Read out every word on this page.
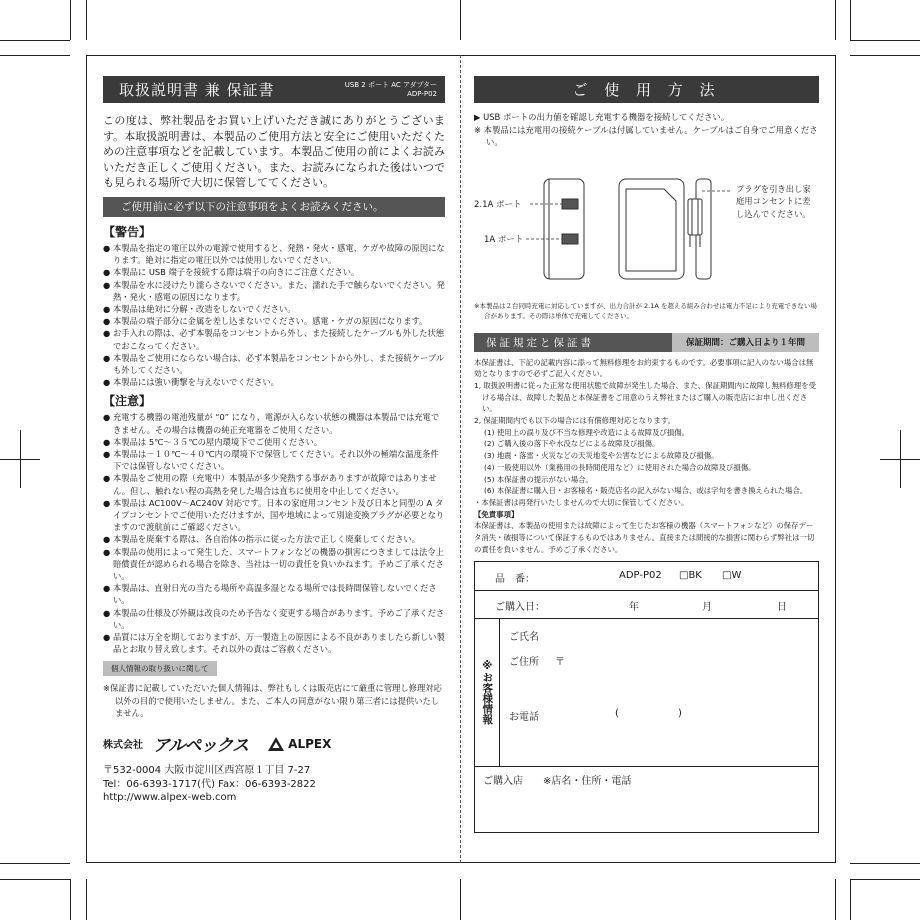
取扱説明書 兼 保証書	USB 2 ポート AC アダプター
ADP-P02

この度は、弊社製品をお買い上げいただき誠にありがとうございます。本取扱説明書は、本製品のご使用方法と安全にご使用いただくための注意事項などを記載しています。本製品ご使用の前によくお読みいただき正しくご使用ください。また、お読みになられた後はいつでも見られる場所で大切に保管しててください。

ご使用前に必ず以下の注意事項をよくお読みください。
【警告】

● 本製品を指定の電圧以外の電源で使用すると、発熱・発火・感電、ケガや故障の原因になります。絶対に指定の電圧以外では使用しないでください。

● 本製品に USB 端子を接続する際は端子の向きにご注意ください。

● 本製品を水に浸けたり濡らさないでください。また、濡れた手で触らないでください。発熱・発火・感電の原因になります。

● 本製品は絶対に分解・改造をしないでください。

● 本製品の端子部分に金属を差し込まないでください。感電・ケガの原因になります。

● お手入れの際は、必ず本製品をコンセントから外し、また接続したケーブルも外した状態でおこなってください。

● 本製品をご使用にならない場合は、必ず本製品をコンセントから外し、また接続ケーブルも外してください。

● 本製品には強い衝撃を与えないでください。

【注意】

● 充電する機器の電池残量が “0” になり、電源が入らない状態の機器は本製品では充電できません。その場合は機器の純正充電器をご使用ください。

● 本製品は 5℃〜３５℃の屋内環境下でご使用ください。

● 本製品は－１０℃〜４０℃内の環境下で保管してください。それ以外の極端な温度条件下では保管しないでください。

● 本製品をご使用の際（充電中）本製品が多少発熱する事がありますが故障ではありません。但し、触れない程の高熱を発した場合は直ちに使用を中止してください。

● 本製品は AC100V〜AC240V 対応です。日本の家庭用コンセント及び日本と同型の A タイプコンセントでご使用いただけますが、国や地域によって別途変換プラグが必要となりますので渡航前にご確認ください。

● 本製品を廃棄する際は、各自治体の指示に従った方法で正しく廃棄してください。

● 本製品の使用によって発生した、スマートフォンなどの機器の損害につきましては法令上賠償責任が認められる場合を除き、当社は一切の責任を負いかねます。予めご了承ください。

● 本製品は、直射日光の当たる場所や高温多湿となる場所では長時間保管しないでください。

● 本製品の仕様及び外観は改良のため予告なく変更する場合があります。予めご了承ください。

● 品質には万全を期しておりますが、万一製造上の原因による不良がありましたら新しい製品とお取り替え致します。それ以外の責はご容赦ください。

個人情報の取り扱いに関して

※保証書に記載していただいた個人情報は、弊社もしくは販売店にて厳重に管理し修理対応以外の目的で使用いたしません。また、ご本人の同意がない限り第三者には提供いたしません。

株式会社 アルペックス	ALPEX
〒532-0004 大阪市淀川区西宮原１丁目 7-27
Tel：06-6393-1717(代) Fax：06-6393-2822
http://www.alpex-web.com
ご 使 用 方 法

▶ USB ポートの出力値を確認し充電する機器を接続してください。

※ 本製品には充電用の接続ケーブルは付属していません。ケーブルはご自身でご用意ください。

2.1A ポート
1A ポート
プラグを引き出し家庭用コンセントに差し込んでください。

※本製品は２台同時充電に対応していますが、出力合計が 2.1A を超える組み合わせは電力不足により充電できない場合があります。その際は単体で充電してください。

保証規定と保証書	保証期間：ご購入日より１年間

本保証書は、下記の記載内容に添って無料修理をお約束するものです。必要事項に記入のない場合は無効となりますので必ずご記入ください。

1, 取扱説明書に従った正常な使用状態で故障が発生した場合、また、保証期間内に故障し無料修理を受ける場合は、故障した製品と本保証書をご用意のうえ弊社またはご購入の販売店にお申し出ください。

2, 保証期間内でも以下の場合には有償修理対応となります。

(1) 使用上の誤り及び不当な修理や改造による故障及び損傷。

(2) ご購入後の落下や水没などによる故障及び損傷。

(3) 地震・落雷・火災などの天災地変や公害などによる故障及び損傷。

(4) 一般使用以外（業務用の長時間使用など）に使用された場合の故障及び損傷。

(5) 本保証書の提示がない場合。

(6) 本保証書に購入日・お客様名・販売店名の記入がない場合、或は字句を書き換えられた場合。

・本保証書は再発行いたしませんので大切に保管してください。

【免責事項】

本保証書は、本製品の使用または故障によって生じたお客様の機器（スマートフォンなど）の保存データ消失・破損等について保証するものではありません。直接または間接的な損害に関わらず弊社は一切の責任を負いません。予めご了承ください。

品　番：	ADP-P02 □BK □W
ご購入日：	年	月	日
※お客様情報
ご氏名
ご住所 〒
お電話	(	)
ご購入店 ※店名・住所・電話
